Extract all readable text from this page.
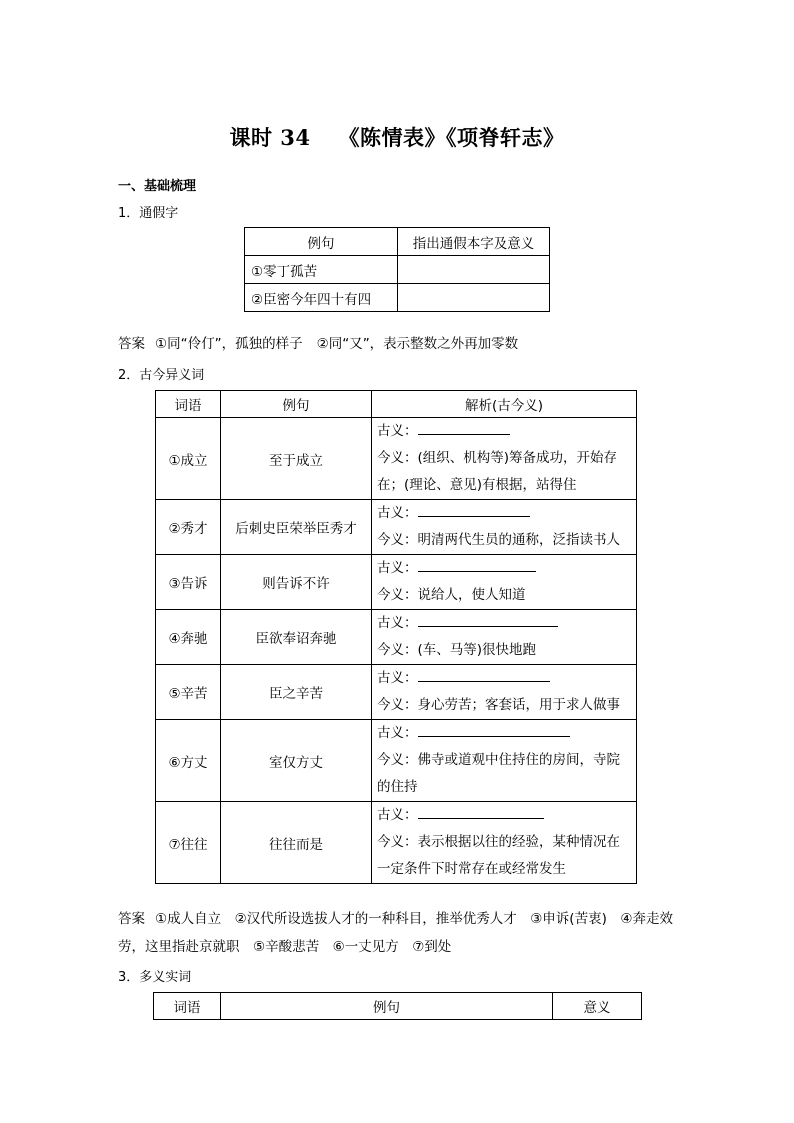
课时 34 《陈情表》《项脊轩志》
一、基础梳理
1．通假字
例句	指出通假本字及意义
①零丁孤苦	
②臣密今年四十有四	
答案 ①同“伶仃”，孤独的样子 ②同“又”，表示整数之外再加零数
2．古今异义词
词语	例句	解析(古今义)
①成立	至于成立	古义：
今义：(组织、机构等)筹备成功，开始存在；(理论、意见)有根据，站得住

②秀才	后刺史臣荣举臣秀才	古义：
今义：明清两代生员的通称，泛指读书人

③告诉	则告诉不许	古义：
今义：说给人，使人知道

④奔驰	臣欲奉诏奔驰	古义：
今义：(车、马等)很快地跑

⑤辛苦	臣之辛苦	古义：
今义：身心劳苦；客套话，用于求人做事

⑥方丈	室仅方丈	古义：
今义：佛寺或道观中住持住的房间，寺院的住持

⑦往往	往往而是	古义：
今义：表示根据以往的经验，某种情况在一定条件下时常存在或经常发生
答案 ①成人自立　②汉代所设选拔人才的一种科目，推举优秀人才　③申诉(苦衷)　④奔走效劳，这里指赴京就职　⑤辛酸悲苦　⑥一丈见方　⑦到处
3．多义实词
词语	例句	意义
